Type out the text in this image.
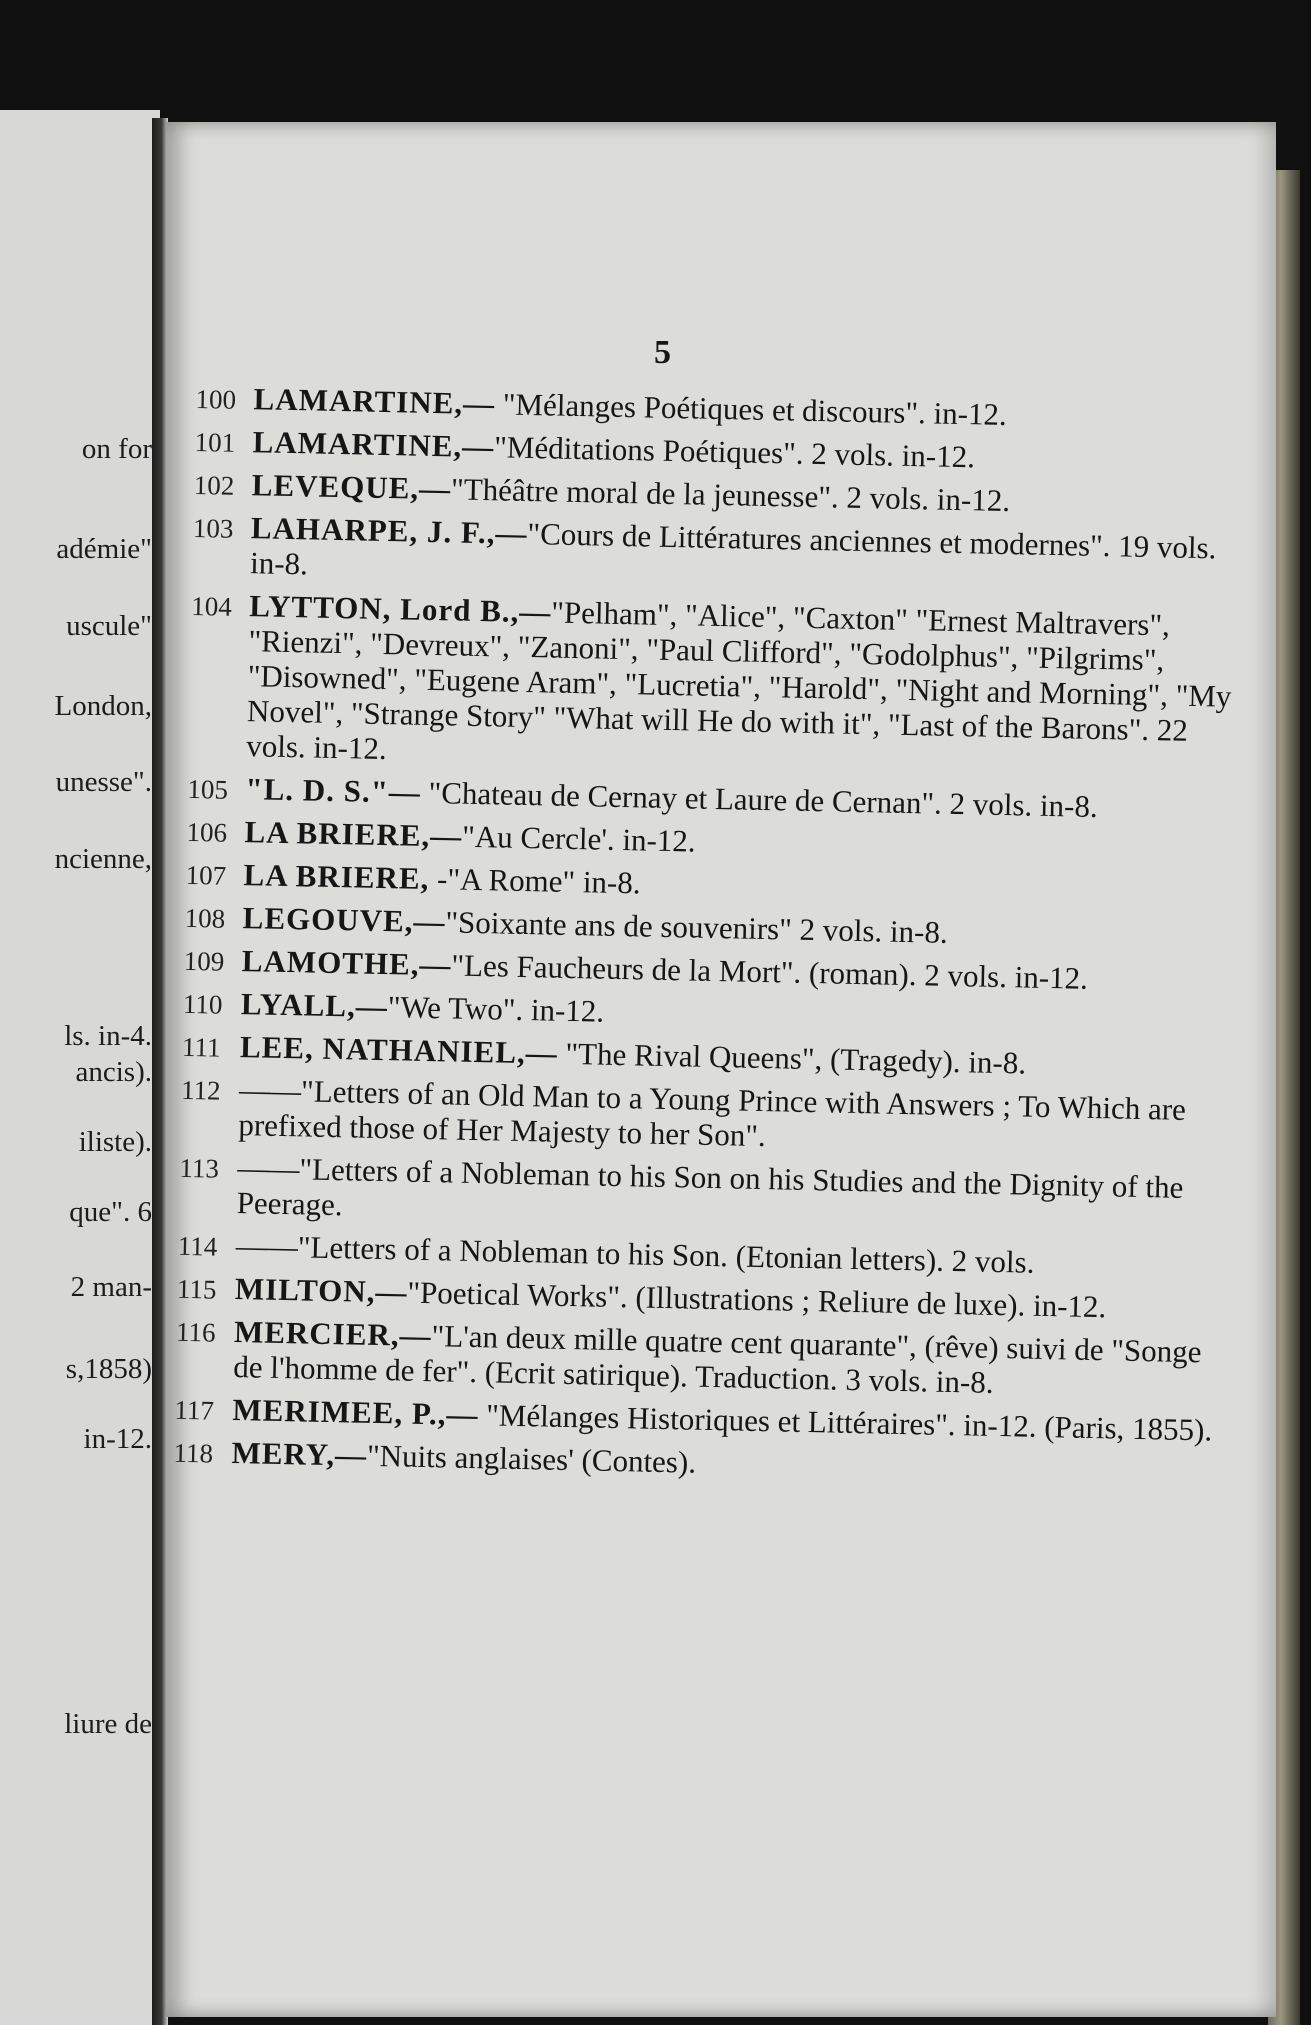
on for
adémie"
uscule"
London,
unesse".
ncienne,
ls. in-4.
ancis).
iliste).
que". 6
2 man-
s,1858)
in-12.
liure de
5
100 LAMARTINE,— "Mélanges Poétiques et discours". in-12.
101 LAMARTINE,—"Méditations Poétiques". 2 vols. in-12.
102 LEVEQUE,—"Théâtre moral de la jeunesse". 2 vols. in-12.
103 LAHARPE, J. F.,—"Cours de Littératures anciennes et modernes". 19 vols. in-8.
104 LYTTON, Lord B.,—"Pelham", "Alice", "Caxton" "Ernest Maltravers", "Rienzi", "Devreux", "Zanoni", "Paul Clifford", "Godolphus", "Pilgrims", "Disowned", "Eugene Aram", "Lucretia", "Harold", "Night and Morning", "My Novel", "Strange Story" "What will He do with it", "Last of the Barons". 22 vols. in-12.
105 "L. D. S."— "Chateau de Cernay et Laure de Cernan". 2 vols. in-8.
106 LA BRIERE,—"Au Cercle'. in-12.
107 LA BRIERE, -"A Rome" in-8.
108 LEGOUVE,—"Soixante ans de souvenirs" 2 vols. in-8.
109 LAMOTHE,—"Les Faucheurs de la Mort". (roman). 2 vols. in-12.
110 LYALL,—"We Two". in-12.
111 LEE, NATHANIEL,— "The Rival Queens", (Tragedy). in-8.
112 ——"Letters of an Old Man to a Young Prince with Answers ; To Which are prefixed those of Her Majesty to her Son".
113 ——"Letters of a Nobleman to his Son on his Studies and the Dignity of the Peerage.
114 ——"Letters of a Nobleman to his Son. (Etonian letters). 2 vols.
115 MILTON,—"Poetical Works". (Illustrations ; Reliure de luxe). in-12.
116 MERCIER,—"L'an deux mille quatre cent quarante", (rêve) suivi de "Songe de l'homme de fer". (Ecrit satirique). Traduction. 3 vols. in-8.
117 MERIMEE, P.,— "Mélanges Historiques et Littéraires". in-12. (Paris, 1855).
118 MERY,—"Nuits anglaises' (Contes).
